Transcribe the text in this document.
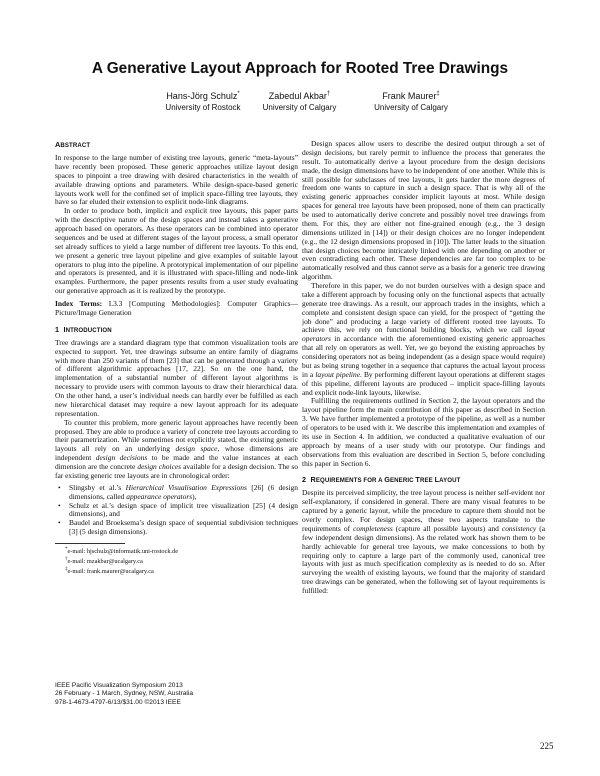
A Generative Layout Approach for Rooted Tree Drawings
Hans-Jörg Schulz*
University of Rostock
Zabedul Akbar†
University of Calgary
Frank Maurer‡
University of Calgary
ABSTRACT

In response to the large number of existing tree layouts, generic “meta-layouts” have recently been proposed. These generic approaches utilize layout design spaces to pinpoint a tree drawing with desired characteristics in the wealth of available drawing options and parameters. While design-space-based generic layouts work well for the confined set of implicit space-filling tree layouts, they have so far eluded their extension to explicit node-link diagrams.

In order to produce both, implicit and explicit tree layouts, this paper parts with the descriptive nature of the design spaces and instead takes a generative approach based on operators. As these operators can be combined into operator sequences and be used at different stages of the layout process, a small operator set already suffices to yield a large number of different tree layouts. To this end, we present a generic tree layout pipeline and give examples of suitable layout operators to plug into the pipeline. A prototypical implementation of our pipeline and operators is presented, and it is illustrated with space-filling and node-link examples. Furthermore, the paper presents results from a user study evaluating our generative approach as it is realized by the prototype.

Index Terms: I.3.3 [Computing Methodologies]: Computer Graphics—Picture/Image Generation

1 INTRODUCTION

Tree drawings are a standard diagram type that common visualization tools are expected to support. Yet, tree drawings subsume an entire family of diagrams with more than 250 variants of them [23] that can be generated through a variety of different algorithmic approaches [17, 22]. So on the one hand, the implementation of a substantial number of different layout algorithms is necessary to provide users with common layouts to draw their hierarchical data. On the other hand, a user’s individual needs can hardly ever be fulfilled as each new hierarchical dataset may require a new layout approach for its adequate representation.

To counter this problem, more generic layout approaches have recently been proposed. They are able to produce a variety of concrete tree layouts according to their parametrization. While sometimes not explicitly stated, the existing generic layouts all rely on an underlying design space, whose dimensions are independent design decisions to be made and the value instances at each dimension are the concrete design choices available for a design decision. The so far existing generic tree layouts are in chronological order:

• Slingsby et al.’s Hierarchical Visualisation Expressions [26] (6 design dimensions, called appearance operators),
• Schulz et al.’s design space of implicit tree visualization [25] (4 design dimensions), and
• Baudel and Broeksema’s design space of sequential subdivision techniques [3] (5 design dimensions).
*e-mail: hjschulz@informatik.uni-rostock.de
†e-mail: mzakbar@ucalgary.ca
‡e-mail: frank.maurer@ucalgary.ca
IEEE Pacific Visualization Symposium 2013
26 February - 1 March, Sydney, NSW, Australia
978-1-4673-4797-6/13/$31.00 ©2013 IEEE

Design spaces allow users to describe the desired output through a set of design decisions, but rarely permit to influence the process that generates the result. To automatically derive a layout procedure from the design decisions made, the design dimensions have to be independent of one another. While this is still possible for subclasses of tree layouts, it gets harder the more degrees of freedom one wants to capture in such a design space. That is why all of the existing generic approaches consider implicit layouts at most. While design spaces for general tree layouts have been proposed, none of them can practically be used to automatically derive concrete and possibly novel tree drawings from them. For this, they are either not fine-grained enough (e.g., the 3 design dimensions utilized in [14]) or their design choices are no longer independent (e.g., the 12 design dimensions proposed in [10]). The latter leads to the situation that design choices become intricately linked with one depending on another or even contradicting each other. These dependencies are far too complex to be automatically resolved and thus cannot serve as a basis for a generic tree drawing algorithm.

Therefore in this paper, we do not burden ourselves with a design space and take a different approach by focusing only on the functional aspects that actually generate tree drawings. As a result, our approach trades in the insights, which a complete and consistent design space can yield, for the prospect of “getting the job done” and producing a large variety of different rooted tree layouts. To achieve this, we rely on functional building blocks, which we call layout operators in accordance with the aforementioned existing generic approaches that all rely on operators as well. Yet, we go beyond the existing approaches by considering operators not as being independent (as a design space would require) but as being strung together in a sequence that captures the actual layout process in a layout pipeline. By performing different layout operations at different stages of this pipeline, different layouts are produced – implicit space-filling layouts and explicit node-link layouts, likewise.

Fulfilling the requirements outlined in Section 2, the layout operators and the layout pipeline form the main contribution of this paper as described in Section 3. We have further implemented a prototype of the pipeline, as well as a number of operators to be used with it. We describe this implementation and examples of its use in Section 4. In addition, we conducted a qualitative evaluation of our approach by means of a user study with our prototype. Our findings and observations from this evaluation are described in Section 5, before concluding this paper in Section 6.

2 REQUIREMENTS FOR A GENERIC TREE LAYOUT

Despite its perceived simplicity, the tree layout process is neither self-evident nor self-explanatory, if considered in general. There are many visual features to be captured by a generic layout, while the procedure to capture them should not be overly complex. For design spaces, these two aspects translate to the requirements of completeness (capture all possible layouts) and consistency (a few independent design dimensions). As the related work has shown them to be hardly achievable for general tree layouts, we make concessions to both by requiring only to capture a large part of the commonly used, canonical tree layouts with just as much specification complexity as is needed to do so. After surveying the wealth of existing layouts, we found that the majority of standard tree drawings can be generated, when the following set of layout requirements is fulfilled:

225
